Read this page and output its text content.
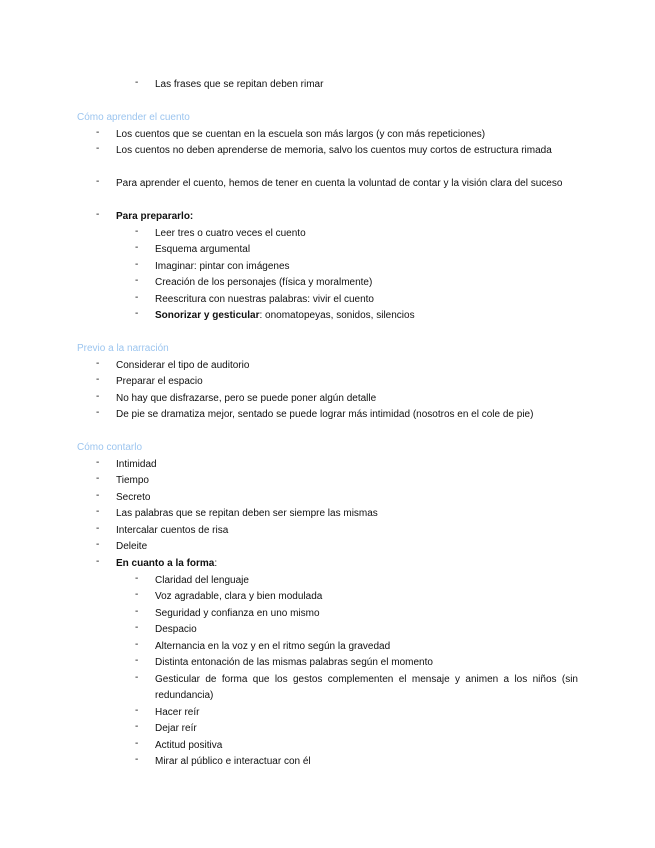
- Las frases que se repitan deben rimar
Cómo aprender el cuento
- Los cuentos que se cuentan en la escuela son más largos (y con más repeticiones)
- Los cuentos no deben aprenderse de memoria, salvo los cuentos muy cortos de estructura rimada
- Para aprender el cuento, hemos de tener en cuenta la voluntad de contar y la visión clara del suceso
- Para prepararlo:
- Leer tres o cuatro veces el cuento
- Esquema argumental
- Imaginar: pintar con imágenes
- Creación de los personajes (física y moralmente)
- Reescritura con nuestras palabras: vivir el cuento
- Sonorizar y gesticular: onomatopeyas, sonidos, silencios
Previo a la narración
- Considerar el tipo de auditorio
- Preparar el espacio
- No hay que disfrazarse, pero se puede poner algún detalle
- De pie se dramatiza mejor, sentado se puede lograr más intimidad (nosotros en el cole de pie)
Cómo contarlo
- Intimidad
- Tiempo
- Secreto
- Las palabras que se repitan deben ser siempre las mismas
- Intercalar cuentos de risa
- Deleite
- En cuanto a la forma:
- Claridad del lenguaje
- Voz agradable, clara y bien modulada
- Seguridad y confianza en uno mismo
- Despacio
- Alternancia en la voz y en el ritmo según la gravedad
- Distinta entonación de las mismas palabras según el momento
- Gesticular de forma que los gestos complementen el mensaje y animen a los niños (sin redundancia)
- Hacer reír
- Dejar reír
- Actitud positiva
- Mirar al público e interactuar con él
